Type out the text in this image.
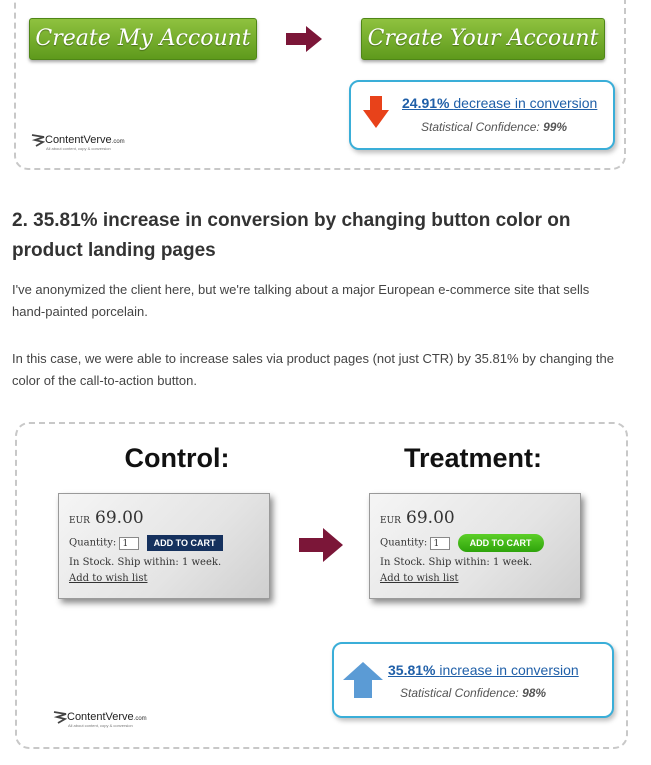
Create My Account	Create Your Account
24.91% decrease in conversion
Statistical Confidence: 99%
ContentVerve.com
All about content, copy & conversion
2. 35.81% increase in conversion by changing button color on product landing pages
I've anonymized the client here, but we're talking about a major European e-commerce site that sells hand-painted porcelain.
In this case, we were able to increase sales via product pages (not just CTR) by 35.81% by changing the color of the call-to-action button.
Control:	Treatment:
EUR 69.00
Quantity: 1	ADD TO CART
In Stock. Ship within: 1 week.
Add to wish list
EUR 69.00
Quantity: 1	ADD TO CART
In Stock. Ship within: 1 week.
Add to wish list
35.81% increase in conversion
Statistical Confidence: 98%
ContentVerve.com
All about content, copy & conversion
